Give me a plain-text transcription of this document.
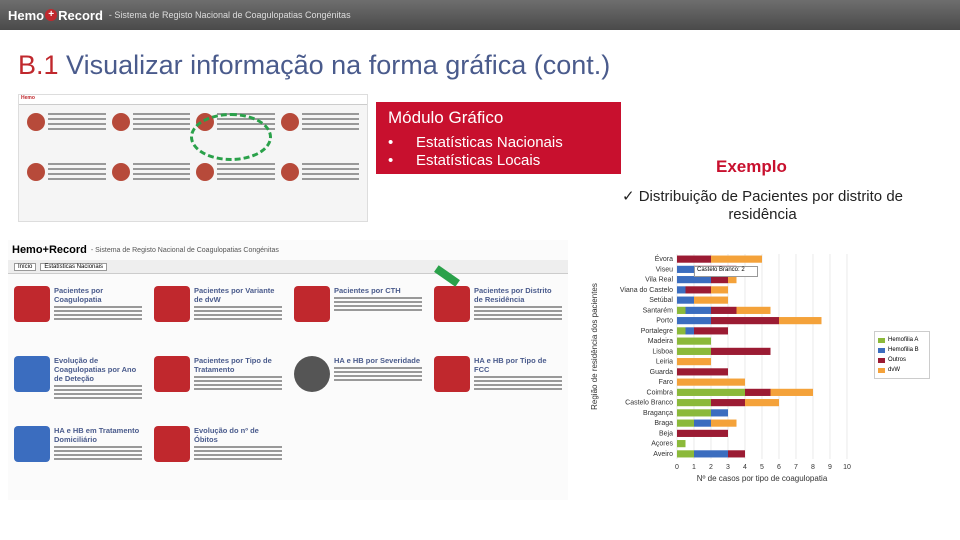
Hemo + Record - Sistema de Registo Nacional de Coagulopatias Congénitas
B.1 Visualizar informação na forma gráfica (cont.)
Hemo
Módulo Gráfico
•	Estatísticas Nacionais
•	Estatísticas Locais	Exemplo
✓ Distribuição de Pacientes por distrito de residência
Hemo+Record - Sistema de Registo Nacional de Coagulopatias Congénitas
Início	Estatísticas Nacionais
Pacientes por Coagulopatia
Pacientes por Variante de dvW
Pacientes por CTH	Pacientes por Distrito de Residência
Evolução de Coagulopatias por Ano de Deteção
Pacientes por Tipo de Tratamento
HA e HB por Severidade	HA e HB por Tipo de FCC
HA e HB em Tratamento Domiciliário
Evolução do nº de Óbitos
0 1 2 3 4 5 6 7 8 9 10
Évora
Viseu
Vila Real
Viana do Castelo
Setúbal
Santarém
Porto
Portalegre
Madeira
Lisboa
Leiria
Guarda
Faro
Coimbra
Castelo Branco
Bragança
Braga
Beja
Açores
Aveiro
Nº de casos por tipo de coagulopatia
Região de residência dos pacientes
Castelo Branco: 2
Hemofilia A
Hemofilia B
Outros
dvW
